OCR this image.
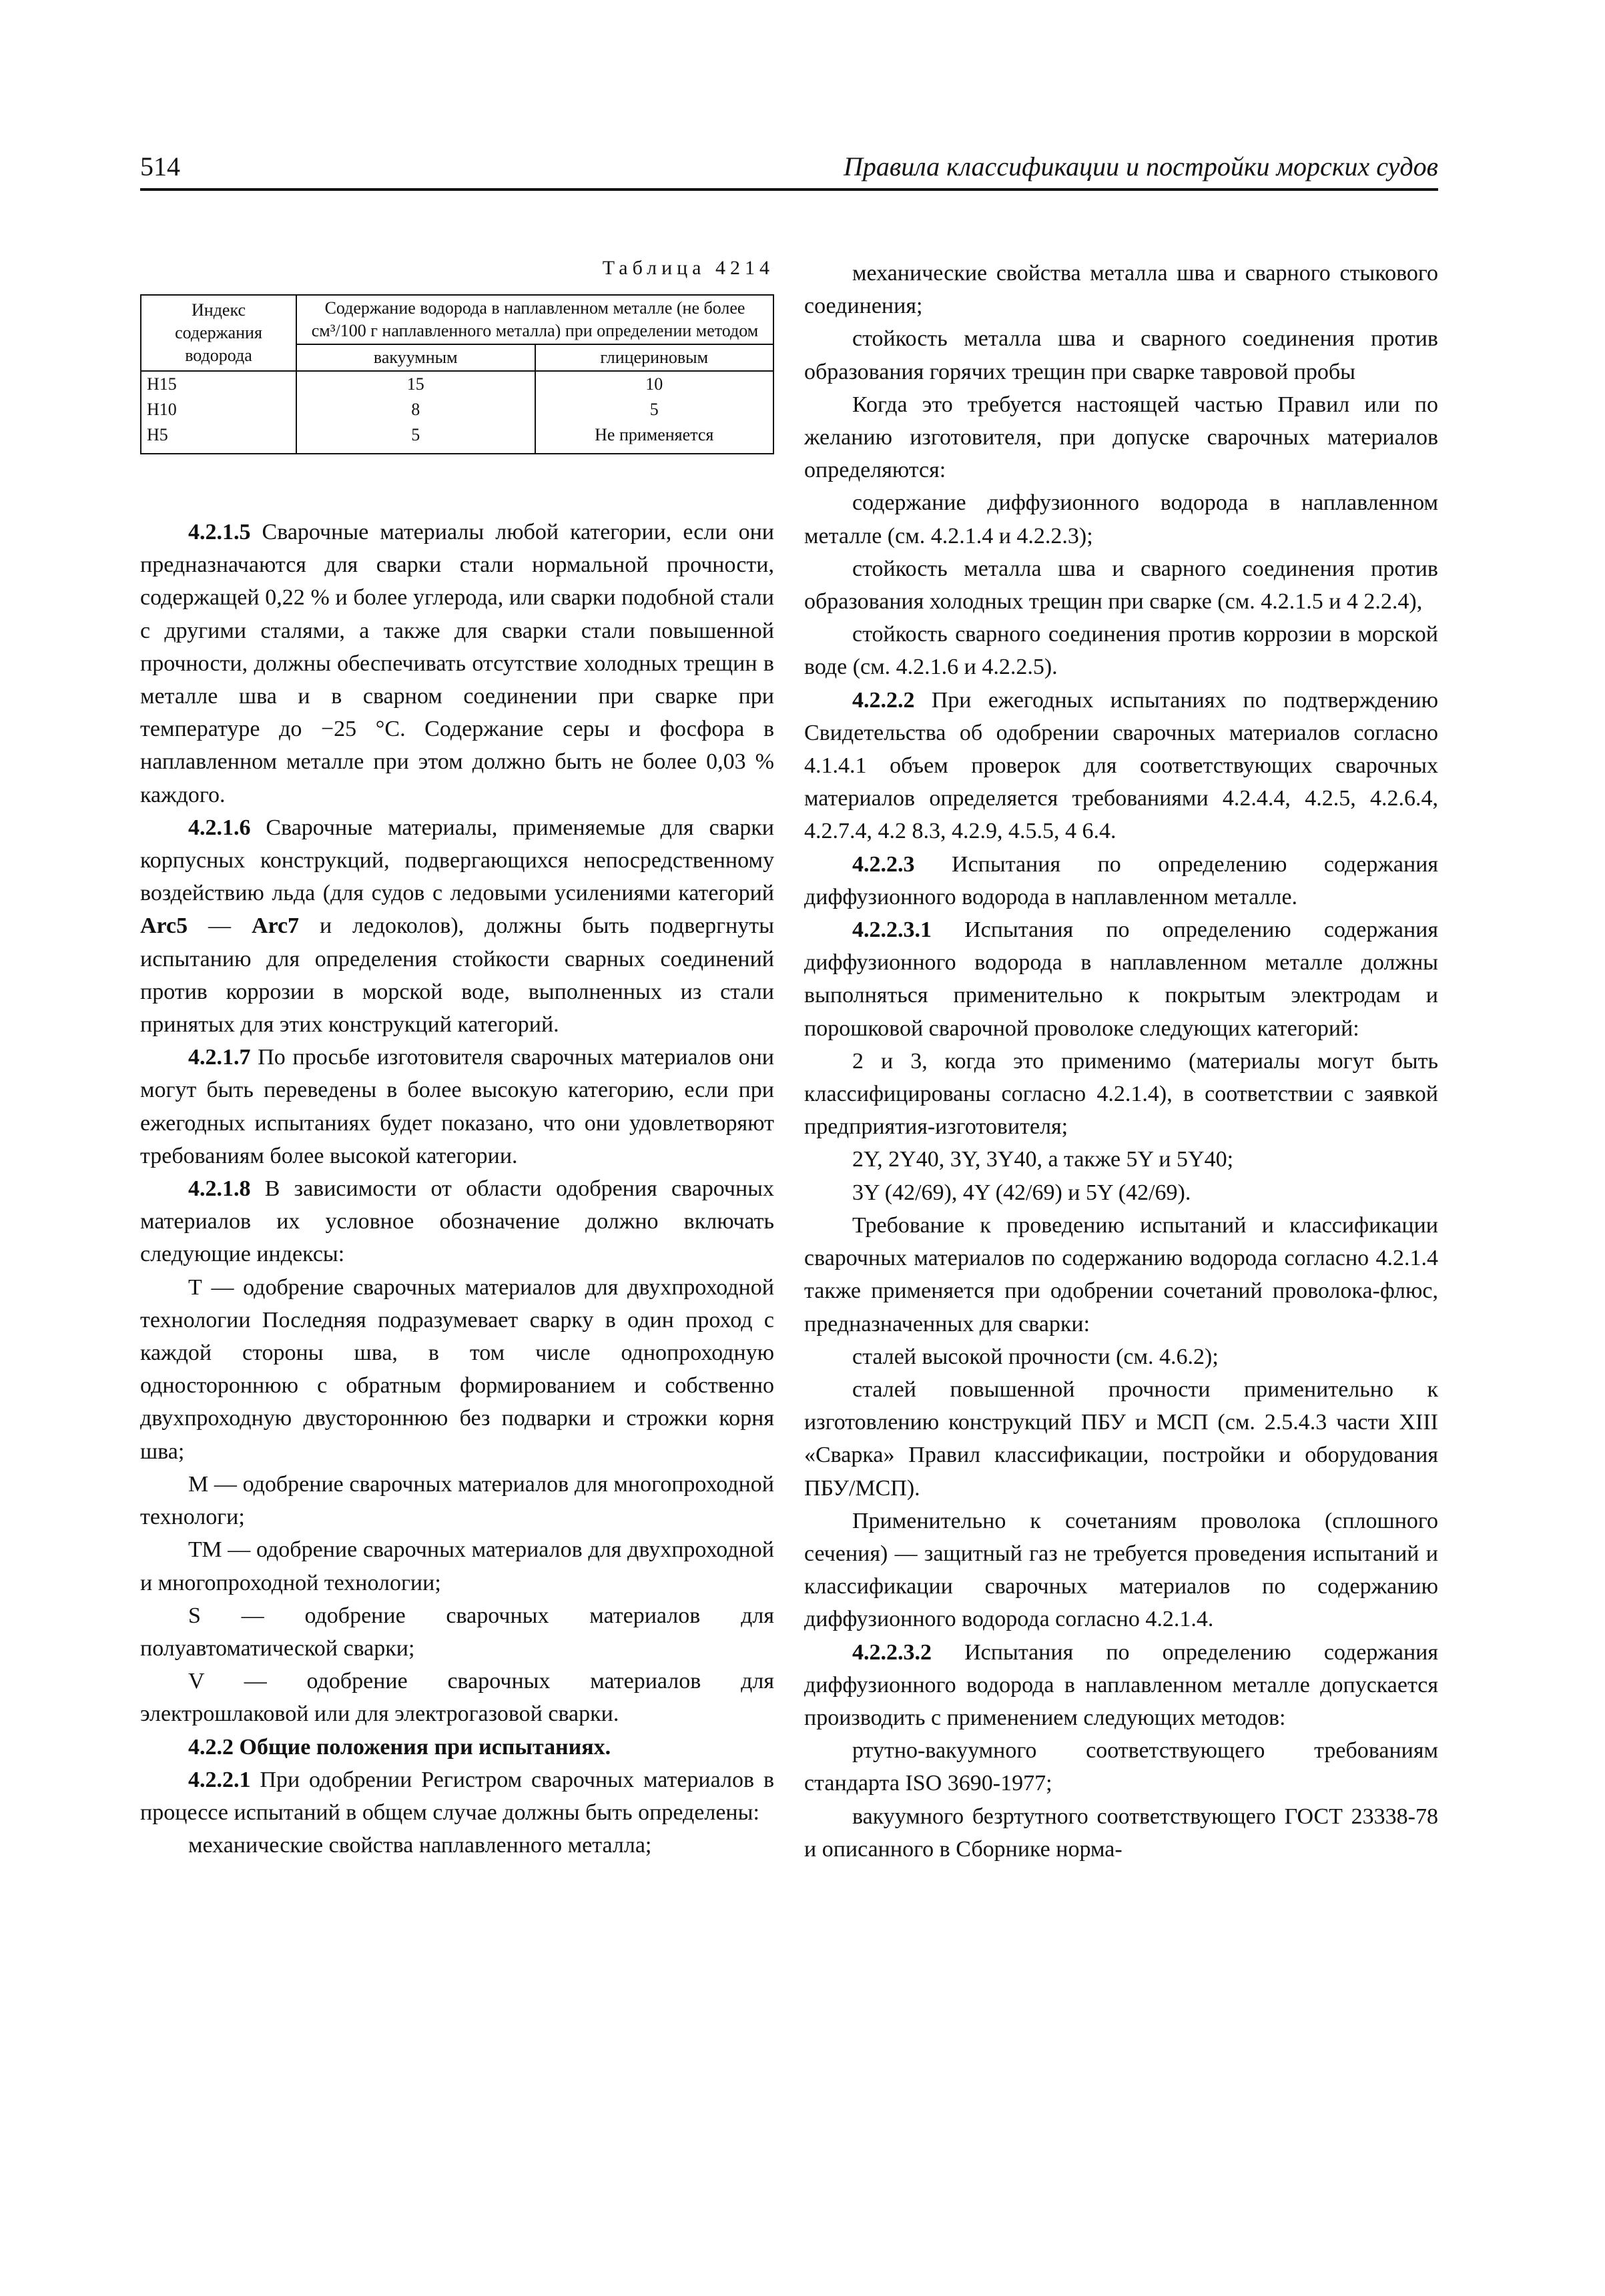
514	Правила классификации и постройки морских судов
Таблица 4214
Индекс содержания водорода	Содержание водорода в наплавленном металле (не более см³/100 г наплавленного металла) при определении методом	
	вакуумным	глицериновым
H15	15	10
H10	8	5
H5	5	Не применяется

4.2.1.5 Сварочные материалы любой категории, если они предназначаются для сварки стали нормальной прочности, содержащей 0,22 % и более углерода, или сварки подобной стали с другими сталями, а также для сварки стали повышенной прочности, должны обеспечивать отсутствие холодных трещин в металле шва и в сварном соединении при сварке при температуре до −25 °С. Содержание серы и фосфора в наплавленном металле при этом должно быть не более 0,03 % каждого.

4.2.1.6 Сварочные материалы, применяемые для сварки корпусных конструкций, подвергающихся непосредственному воздействию льда (для судов с ледовыми усилениями категорий Arc5 — Arc7 и ледоколов), должны быть подвергнуты испытанию для определения стойкости сварных соединений против коррозии в морской воде, выполненных из стали принятых для этих конструкций категорий.

4.2.1.7 По просьбе изготовителя сварочных материалов они могут быть переведены в более высокую категорию, если при ежегодных испытаниях будет показано, что они удовлетворяют требованиям более высокой категории.

4.2.1.8 В зависимости от области одобрения сварочных материалов их условное обозначение должно включать следующие индексы:

Т — одобрение сварочных материалов для двухпроходной технологии Последняя подразумевает сварку в один проход с каждой стороны шва, в том числе однопроходную одностороннюю с обратным формированием и собственно двухпроходную двустороннюю без подварки и строжки корня шва;

М — одобрение сварочных материалов для многопроходной технологи;

ТМ — одобрение сварочных материалов для двухпроходной и многопроходной технологии;

S — одобрение сварочных материалов для полуавтоматической сварки;

V — одобрение сварочных материалов для электрошлаковой или для электрогазовой сварки.

4.2.2 Общие положения при испытаниях.

4.2.2.1 При одобрении Регистром сварочных материалов в процессе испытаний в общем случае должны быть определены:

механические свойства наплавленного металла;

механические свойства металла шва и сварного стыкового соединения;

стойкость металла шва и сварного соединения против образования горячих трещин при сварке тавровой пробы

Когда это требуется настоящей частью Правил или по желанию изготовителя, при допуске сварочных материалов определяются:

содержание диффузионного водорода в наплавленном металле (см. 4.2.1.4 и 4.2.2.3);

стойкость металла шва и сварного соединения против образования холодных трещин при сварке (см. 4.2.1.5 и 4 2.2.4),

стойкость сварного соединения против коррозии в морской воде (см. 4.2.1.6 и 4.2.2.5).

4.2.2.2 При ежегодных испытаниях по подтверждению Свидетельства об одобрении сварочных материалов согласно 4.1.4.1 объем проверок для соответствующих сварочных материалов определяется требованиями 4.2.4.4, 4.2.5, 4.2.6.4, 4.2.7.4, 4.2 8.3, 4.2.9, 4.5.5, 4 6.4.

4.2.2.3 Испытания по определению содержания диффузионного водорода в наплавленном металле.

4.2.2.3.1 Испытания по определению содержания диффузионного водорода в наплавленном металле должны выполняться применительно к покрытым электродам и порошковой сварочной проволоке следующих категорий:

2 и 3, когда это применимо (материалы могут быть классифицированы согласно 4.2.1.4), в соответствии с заявкой предприятия-изготовителя;

2Y, 2Y40, 3Y, 3Y40, а также 5Y и 5Y40;

3Y (42/69), 4Y (42/69) и 5Y (42/69).

Требование к проведению испытаний и классификации сварочных материалов по содержанию водорода согласно 4.2.1.4 также применяется при одобрении сочетаний проволока-флюс, предназначенных для сварки:

сталей высокой прочности (см. 4.6.2);

сталей повышенной прочности применительно к изготовлению конструкций ПБУ и МСП (см. 2.5.4.3 части XIII «Сварка» Правил классификации, постройки и оборудования ПБУ/МСП).

Применительно к сочетаниям проволока (сплошного сечения) — защитный газ не требуется проведения испытаний и классификации сварочных материалов по содержанию диффузионного водорода согласно 4.2.1.4.

4.2.2.3.2 Испытания по определению содержания диффузионного водорода в наплавленном металле допускается производить с применением следующих методов:

ртутно-вакуумного соответствующего требованиям стандарта ISO 3690-1977;

вакуумного безртутного соответствующего ГОСТ 23338-78 и описанного в Сборнике норма-
